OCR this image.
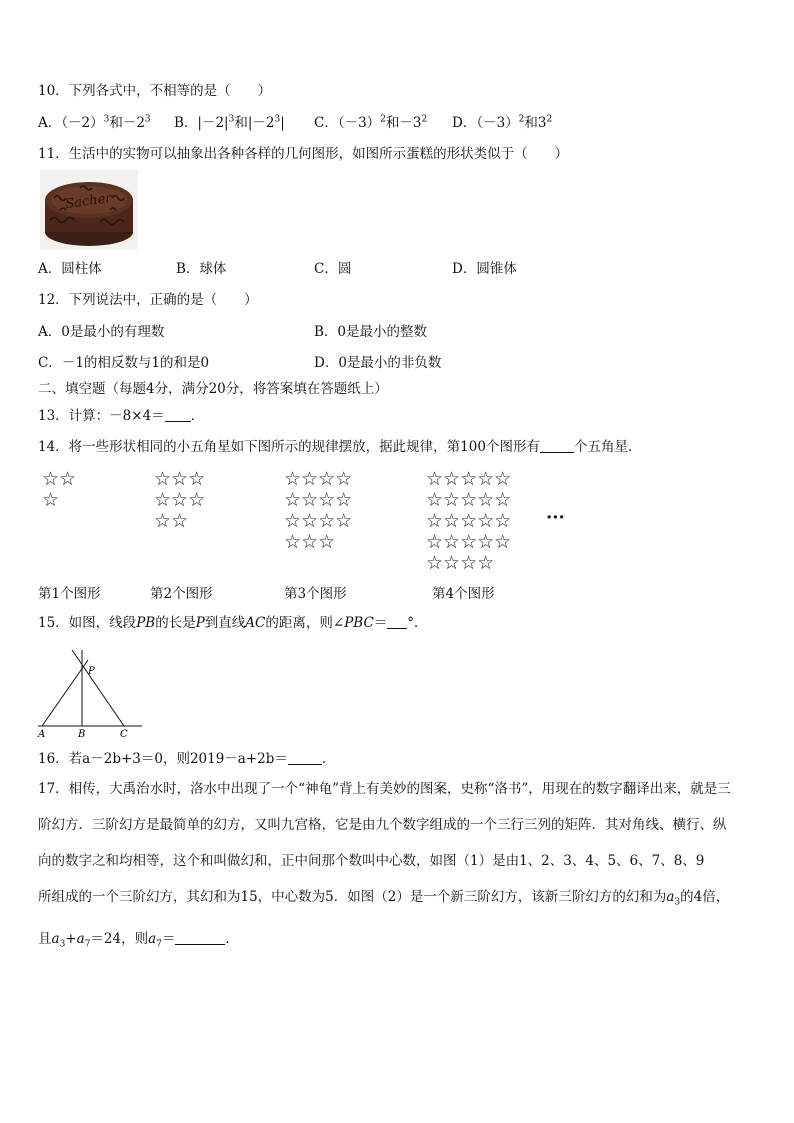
10．下列各式中，不相等的是（　　）
A．$(-2)^3$和$-2^3$ B．$|-2|^3$和$|-2^3|$ C．$(-3)^2$和$-3^2$ D．$(-3)^2$和$3^2$
11．生活中的实物可以抽象出各种各样的几何图形，如图所示蛋糕的形状类似于（　　）
Sacher
A．圆柱体	B．球体	C．圆	D．圆锥体
12．下列说法中，正确的是（　　）
A．0是最小的有理数	B．0是最小的整数
C．－1的相反数与1的和是0	D．0是最小的非负数
二、填空题（每题4分，满分20分，将答案填在答题纸上）
13．计算：－8×4＝ ．
14．将一些形状相同的小五角星如下图所示的规律摆放，据此规律，第100个图形有	个五角星．
☆☆
☆
☆☆☆
☆☆☆
☆☆
☆☆☆☆
☆☆☆☆
☆☆☆☆
☆☆☆
☆☆☆☆☆
☆☆☆☆☆
☆☆☆☆☆
☆☆☆☆☆
☆☆☆☆
···
第1个图形	第2个图形	第3个图形	第4个图形
15．如图，线段PB的长是P到直线AC的距离，则∠PBC＝ °．
P
A	B	C
16．若a－2b+3＝0，则2019－a+2b＝	．
17．相传，大禹治水时，洛水中出现了一个“神龟”背上有美妙的图案，史称“洛书”，用现在的数字翻译出来，就是三
阶幻方．三阶幻方是最简单的幻方，又叫九宫格，它是由九个数字组成的一个三行三列的矩阵．其对角线、横行、纵
向的数字之和均相等，这个和叫做幻和，正中间那个数叫中心数，如图（1）是由1、2、3、4、5、6、7、8、9
所组成的一个三阶幻方，其幻和为15，中心数为5．如图（2）是一个新三阶幻方，该新三阶幻方的幻和为$a_3$的4倍，
且$a_3+a_7=24$，则$a_7=$	．
